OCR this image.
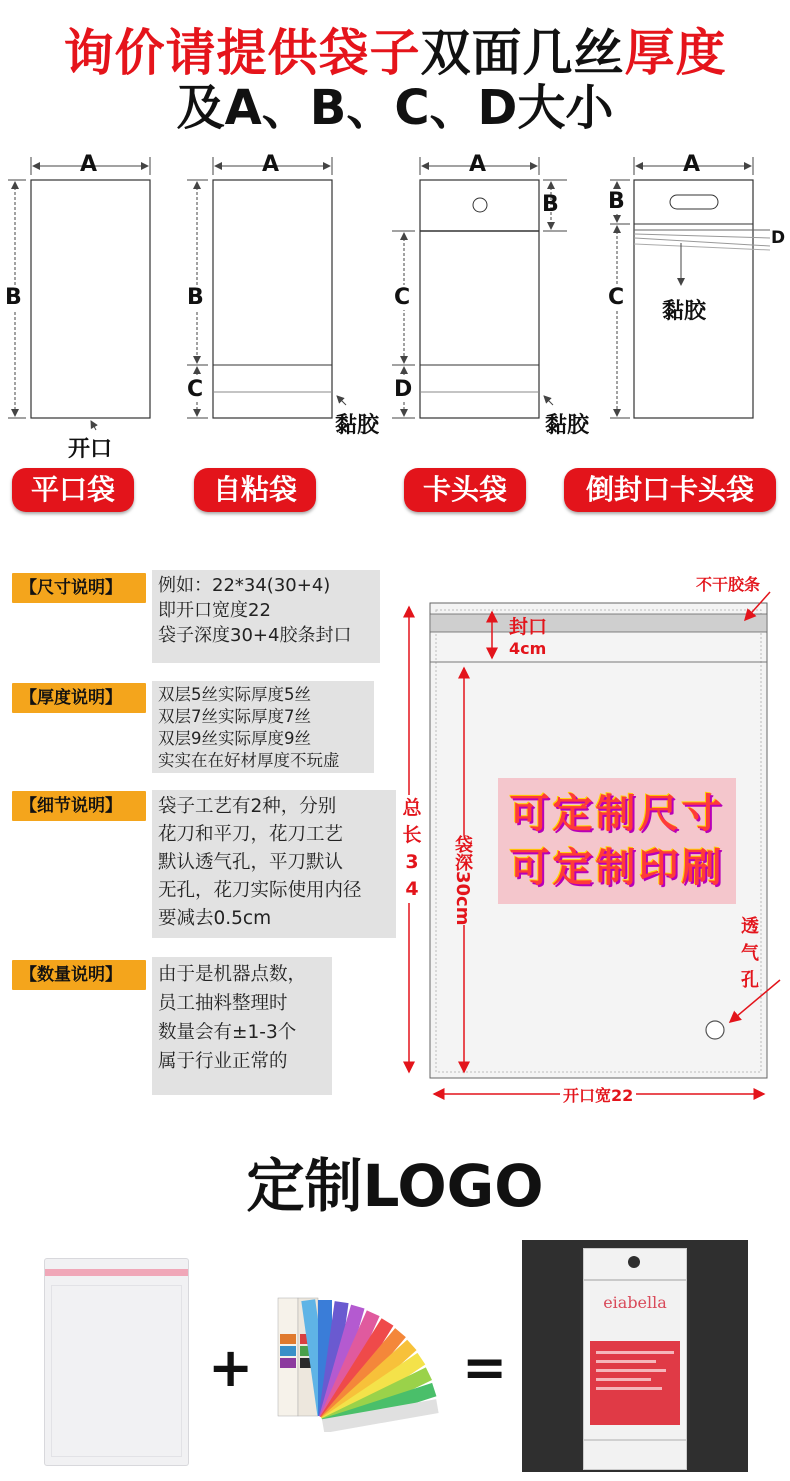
询价请提供袋子双面几丝厚度
及A、B、C、D大小
A	A	A	A
B	B
B B
C
C	C
D
D
开口
黏胶	黏胶
黏胶
平口袋	自粘袋	卡头袋	倒封口卡头袋
【尺寸说明】	例如：22*34(30+4)
即开口宽度22
袋子深度30+4胶条封口
【厚度说明】	双层5丝实际厚度5丝
双层7丝实际厚度7丝
双层9丝实际厚度9丝
实实在在好材厚度不玩虚
【细节说明】	袋子工艺有2种，分别
花刀和平刀，花刀工艺
默认透气孔，平刀默认
无孔，花刀实际使用内径
要减去0.5cm
【数量说明】	由于是机器点数，
员工抽料整理时
数量会有±1-3个
属于行业正常的
不干胶条
封口
4cm
总长34	袋深30cm
可定制尺寸
可定制印刷
透气孔
开口宽22
定制LOGO
+	=
eiabella
